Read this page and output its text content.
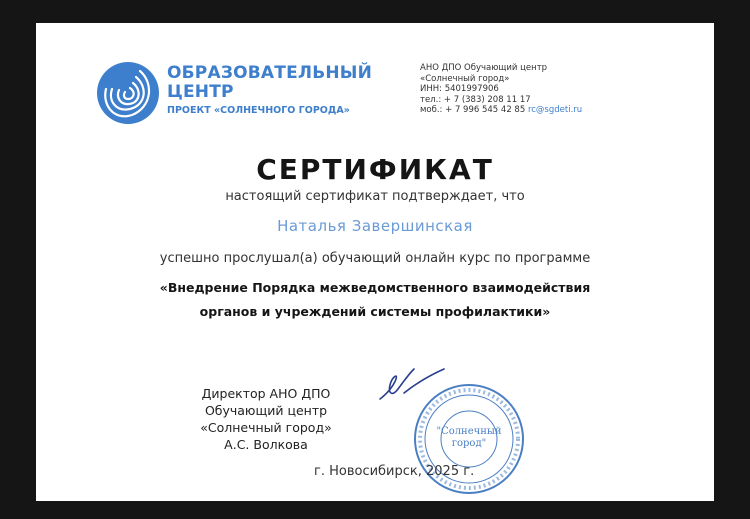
ОБРАЗОВАТЕЛЬНЫЙ
ЦЕНТР
ПРОЕКТ «СОЛНЕЧНОГО ГОРОДА»
АНО ДПО Обучающий центр
«Солнечный город»
ИНН: 5401997906
тел.: + 7 (383) 208 11 17
моб.: + 7 996 545 42 85 rc@sgdeti.ru
СЕРТИФИКАТ
настоящий сертификат подтверждает, что
Наталья Завершинская
успешно прослушал(а) обучающий онлайн курс по программе
«Внедрение Порядка межведомственного взаимодействия
органов и учреждений системы профилактики»
Директор АНО ДПО
Обучающий центр
«Солнечный город»
А.С. Волкова
"Солнечный
город"
г. Новосибирск, 2025 г.
